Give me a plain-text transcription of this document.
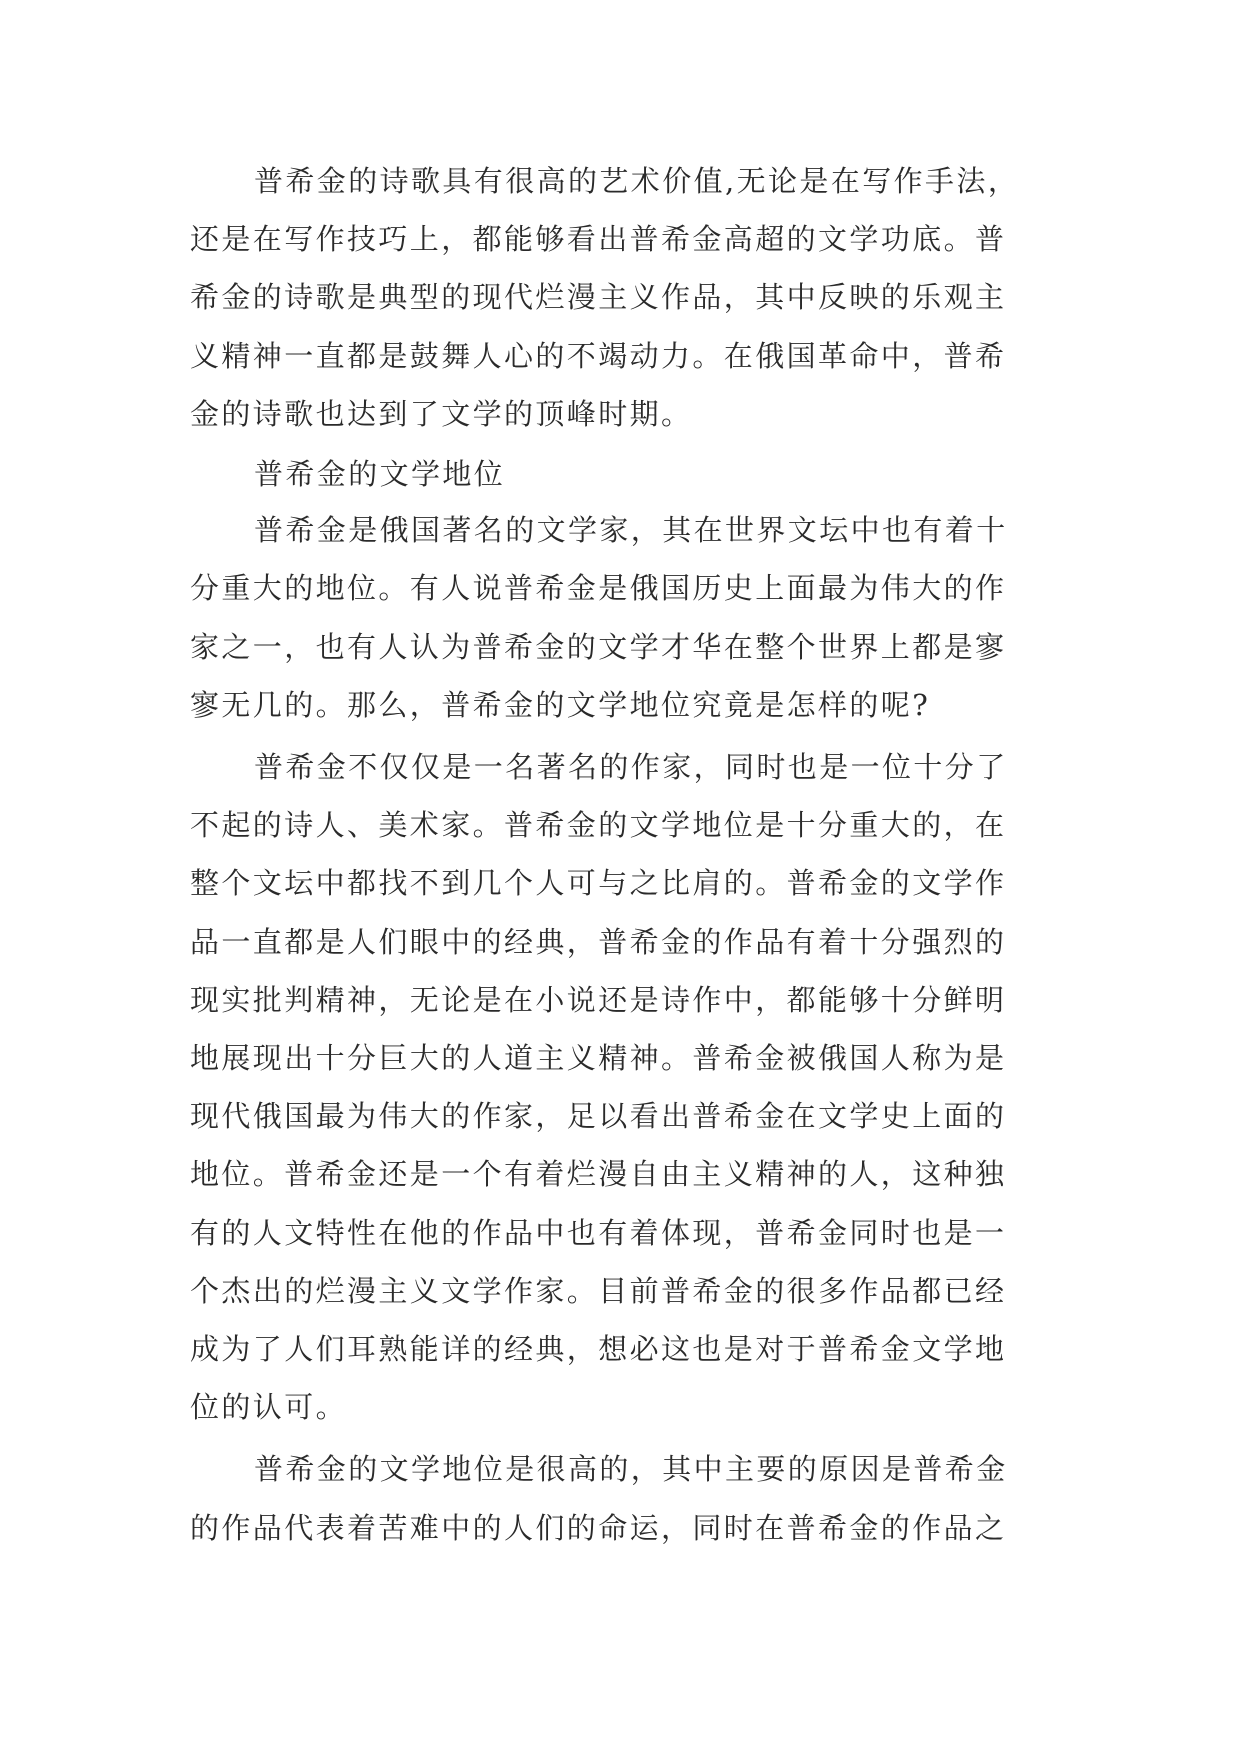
普希金的诗歌具有很高的艺术价值,无论是在写作手法，
还是在写作技巧上，都能够看出普希金高超的文学功底。普
希金的诗歌是典型的现代烂漫主义作品，其中反映的乐观主
义精神一直都是鼓舞人心的不竭动力。在俄国革命中，普希
金的诗歌也达到了文学的顶峰时期。

普希金的文学地位

普希金是俄国著名的文学家，其在世界文坛中也有着十
分重大的地位。有人说普希金是俄国历史上面最为伟大的作
家之一，也有人认为普希金的文学才华在整个世界上都是寥
寥无几的。那么，普希金的文学地位究竟是怎样的呢?

普希金不仅仅是一名著名的作家，同时也是一位十分了
不起的诗人、美术家。普希金的文学地位是十分重大的，在
整个文坛中都找不到几个人可与之比肩的。普希金的文学作
品一直都是人们眼中的经典，普希金的作品有着十分强烈的
现实批判精神，无论是在小说还是诗作中，都能够十分鲜明
地展现出十分巨大的人道主义精神。普希金被俄国人称为是
现代俄国最为伟大的作家，足以看出普希金在文学史上面的
地位。普希金还是一个有着烂漫自由主义精神的人，这种独
有的人文特性在他的作品中也有着体现，普希金同时也是一
个杰出的烂漫主义文学作家。目前普希金的很多作品都已经
成为了人们耳熟能详的经典，想必这也是对于普希金文学地
位的认可。

普希金的文学地位是很高的，其中主要的原因是普希金
的作品代表着苦难中的人们的命运，同时在普希金的作品之
